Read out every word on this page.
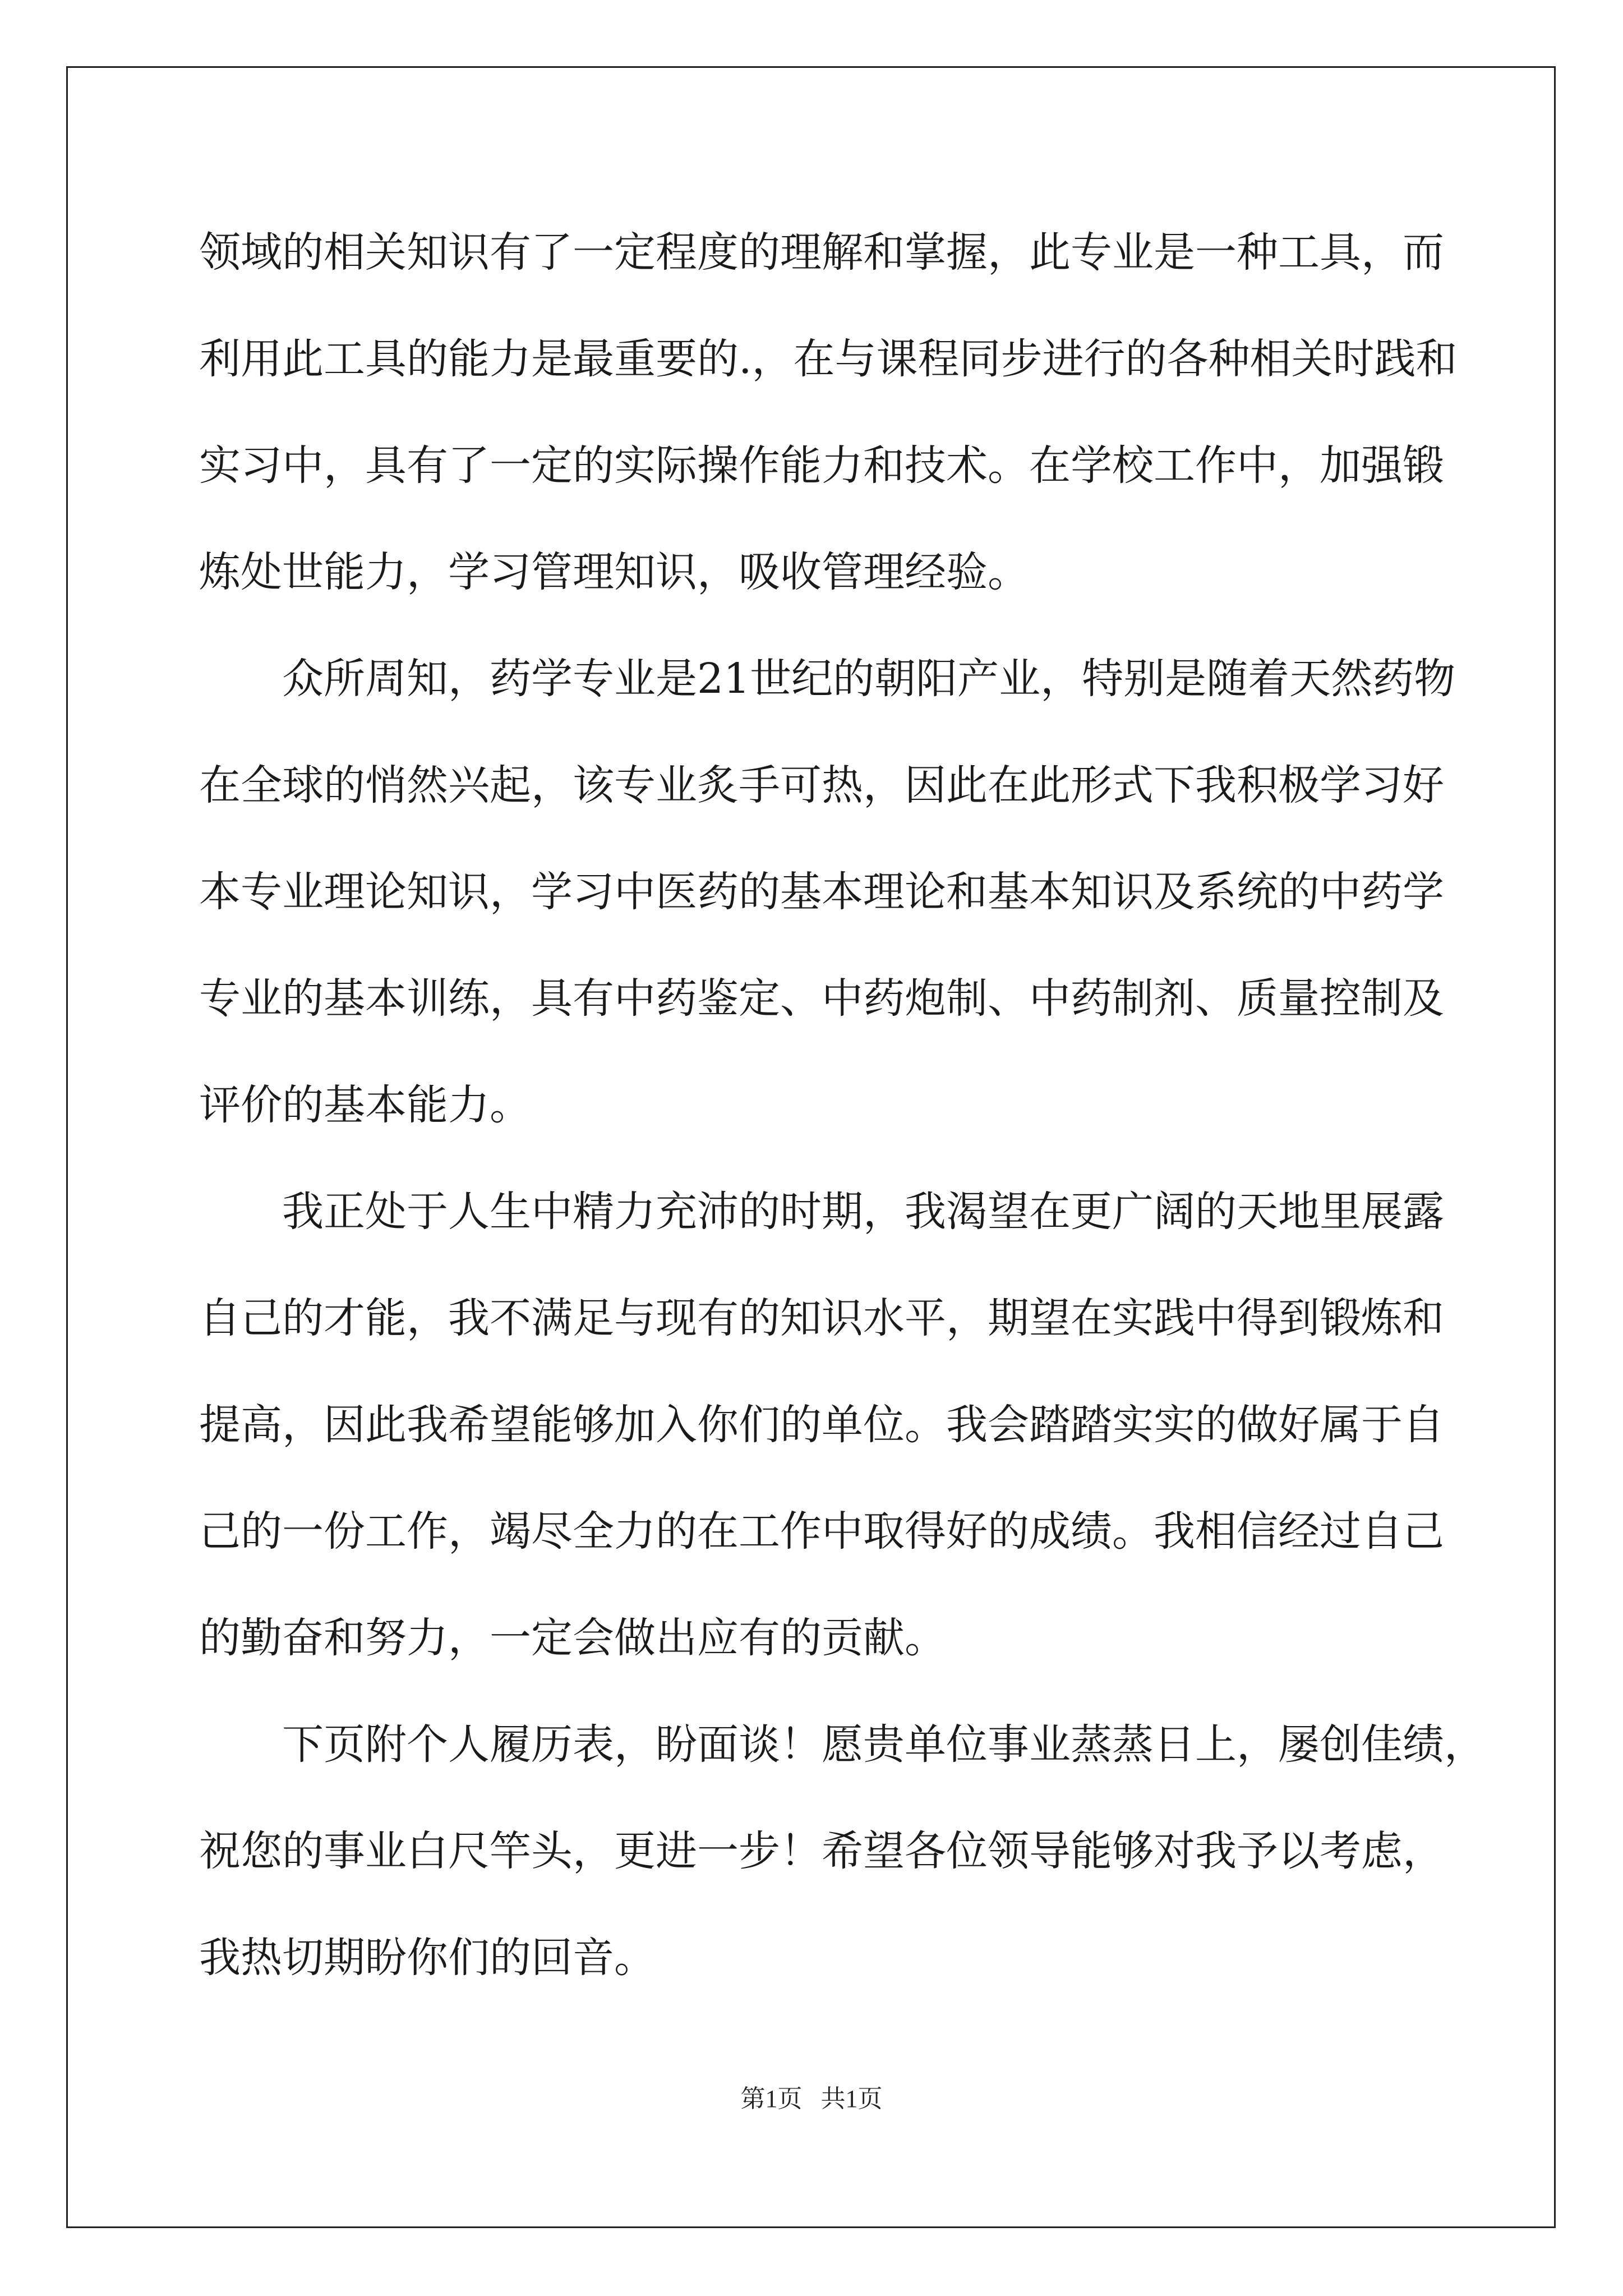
领域的相关知识有了一定程度的理解和掌握，此专业是一种工具，而
利用此工具的能力是最重要的.，在与课程同步进行的各种相关时践和
实习中，具有了一定的实际操作能力和技术。在学校工作中，加强锻
炼处世能力，学习管理知识，吸收管理经验。
众所周知，药学专业是21世纪的朝阳产业，特别是随着天然药物
在全球的悄然兴起，该专业炙手可热，因此在此形式下我积极学习好
本专业理论知识，学习中医药的基本理论和基本知识及系统的中药学
专业的基本训练，具有中药鉴定、中药炮制、中药制剂、质量控制及
评价的基本能力。
我正处于人生中精力充沛的时期，我渴望在更广阔的天地里展露
自己的才能，我不满足与现有的知识水平，期望在实践中得到锻炼和
提高，因此我希望能够加入你们的单位。我会踏踏实实的做好属于自
己的一份工作，竭尽全力的在工作中取得好的成绩。我相信经过自己
的勤奋和努力，一定会做出应有的贡献。
下页附个人履历表，盼面谈！愿贵单位事业蒸蒸日上，屡创佳绩，
祝您的事业白尺竿头，更进一步！希望各位领导能够对我予以考虑，
我热切期盼你们的回音。
第1页   共1页
